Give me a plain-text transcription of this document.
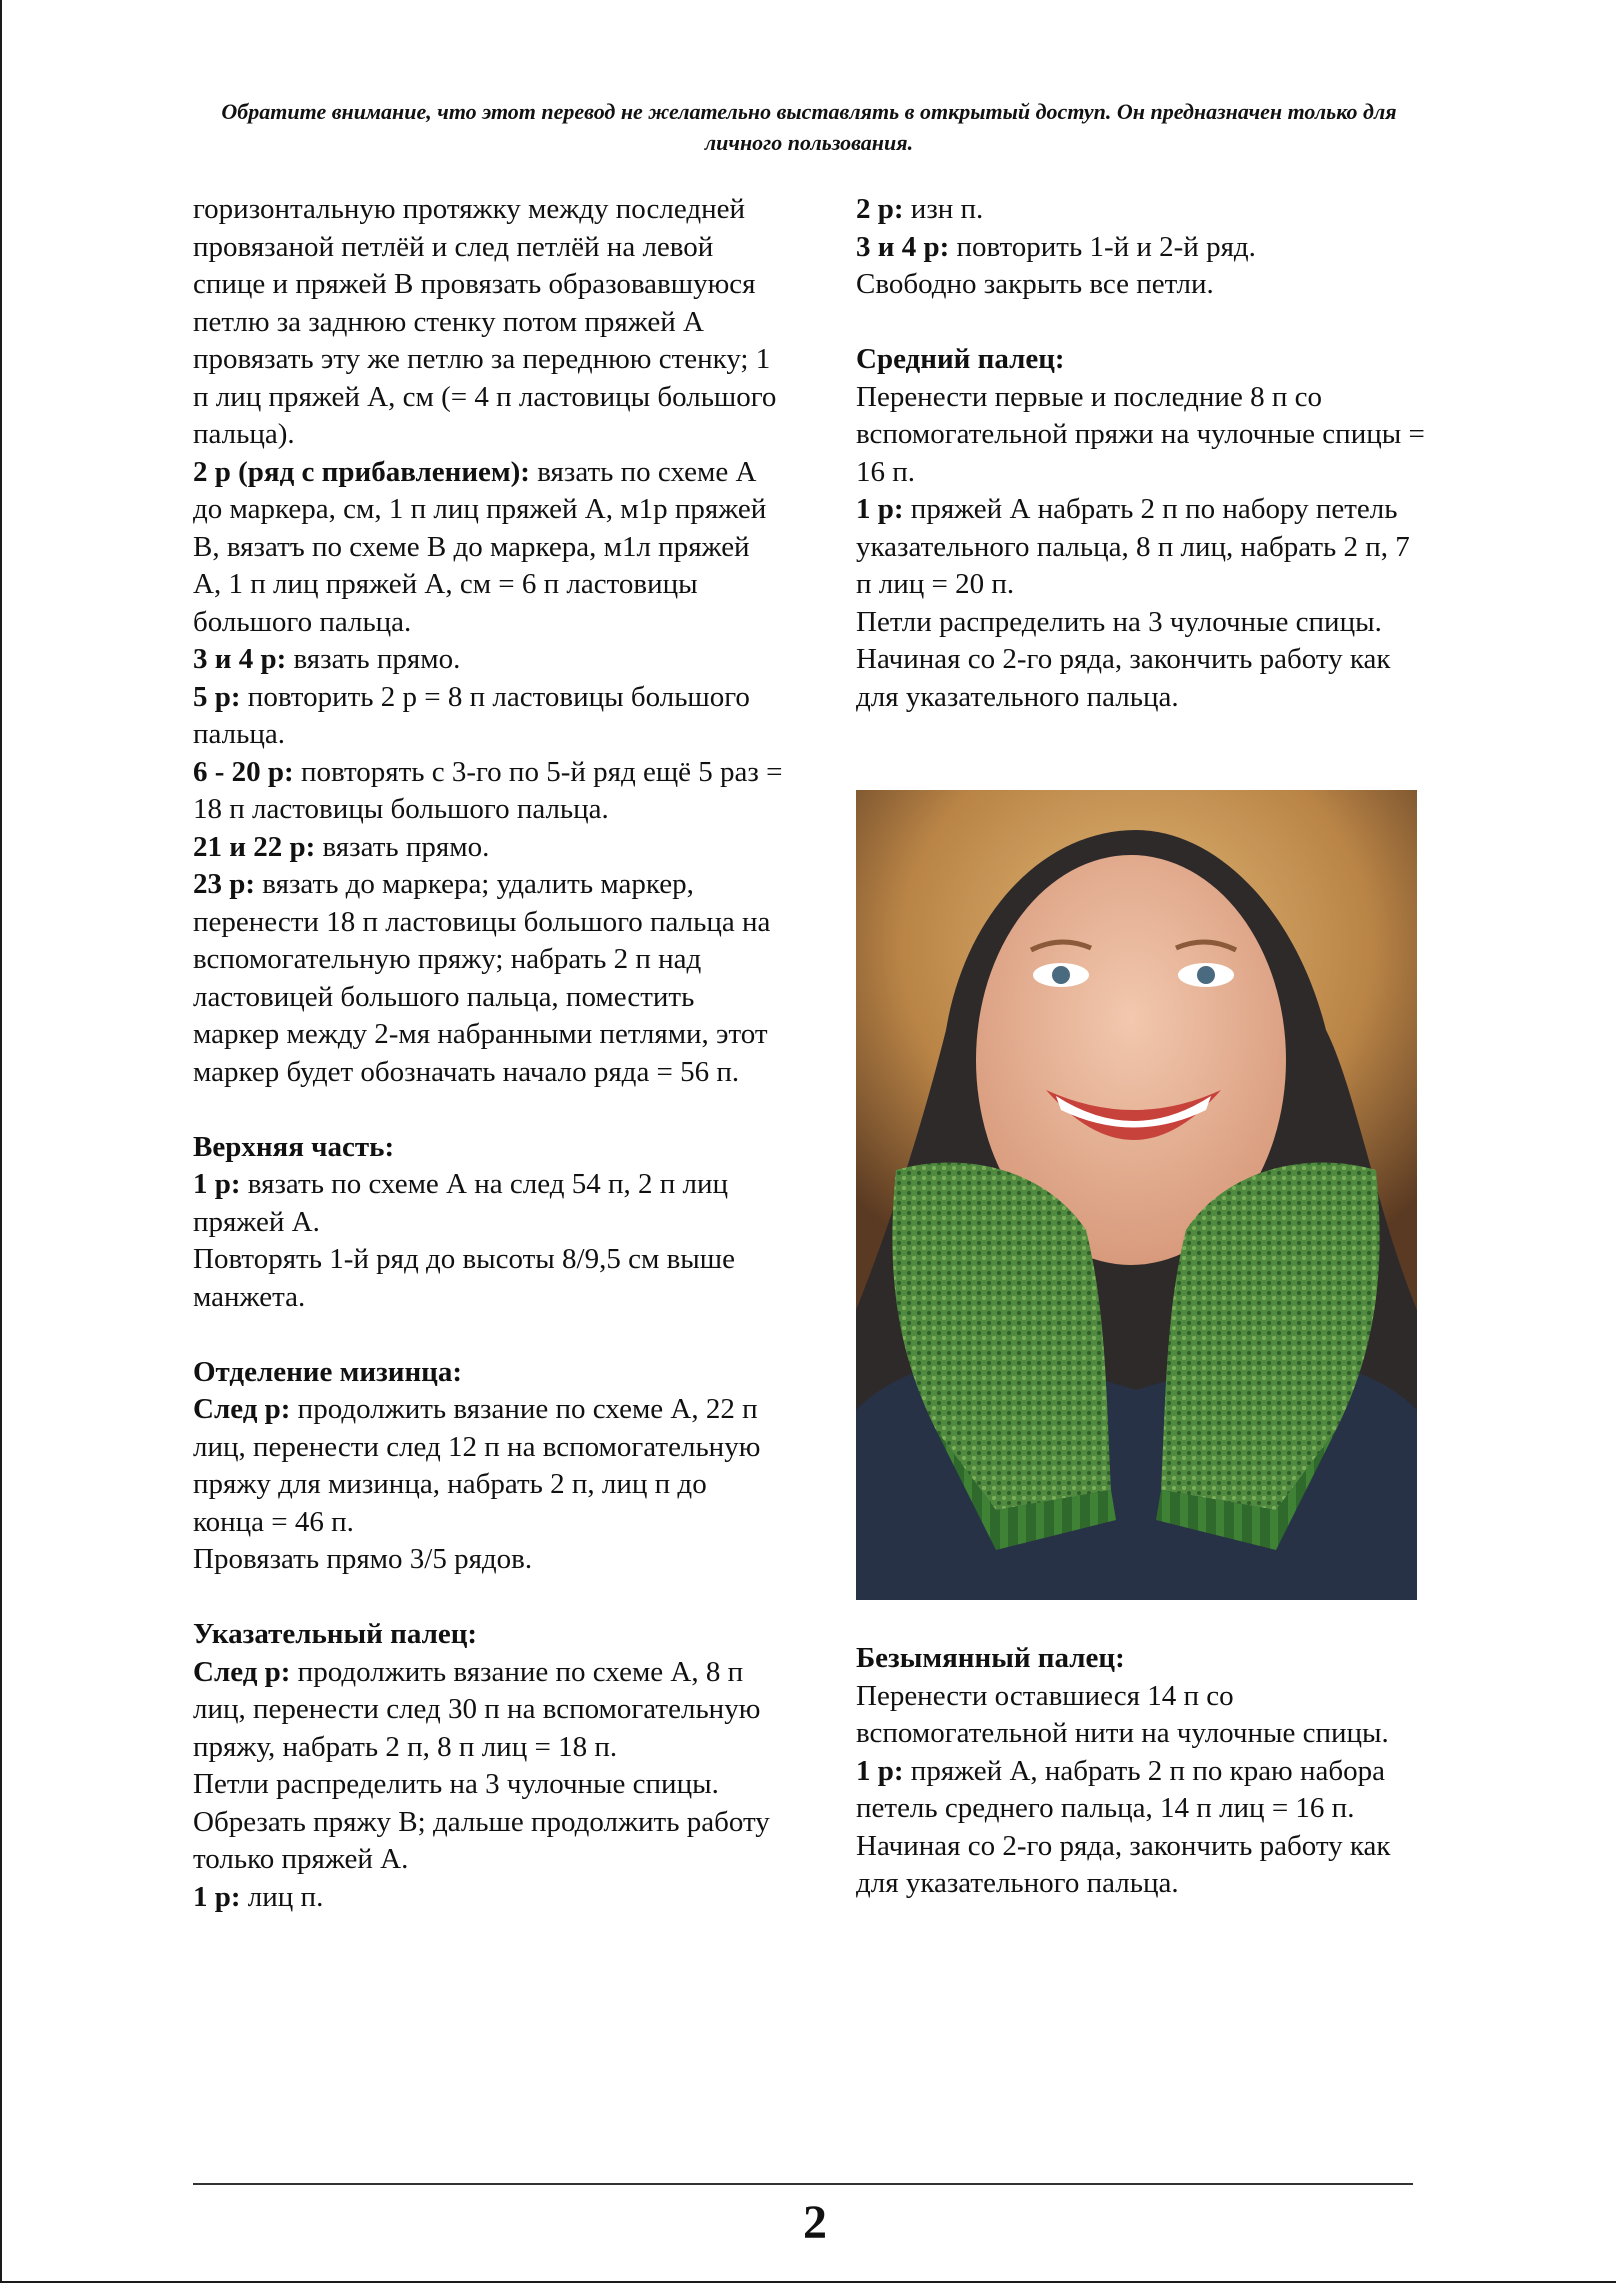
Обратите внимание, что этот перевод не желательно выставлять в открытый доступ. Он предназначен только для личного пользования.

горизонтальную протяжку между последней провязаной петлёй и след петлёй на левой спице и пряжей В провязать образовавшуюся петлю за заднюю стенку потом пряжей А провязать эту же петлю за переднюю стенку; 1 п лиц пряжей А, см (= 4 п ластовицы большого пальца).

2 р (ряд с прибавлением): вязать по схеме А до маркера, см, 1 п лиц пряжей А, м1р пряжей В, вязатъ по схеме В до маркера, м1л пряжей А, 1 п лиц пряжей А, см = 6 п ластовицы большого пальца.

3 и 4 р: вязать прямо.

5 р: повторить 2 р = 8 п ластовицы большого пальца.

6 - 20 р: повторять с 3-го по 5-й ряд ещё 5 раз = 18 п ластовицы большого пальца.

21 и 22 р: вязать прямо.

23 р: вязать до маркера; удалить маркер, перенести 18 п ластовицы большого пальца на вспомогательную пряжу; набрать 2 п над ластовицей большого пальца, поместить маркер между 2-мя набранными петлями, этот маркер будет обозначать начало ряда = 56 п.

Верхняя часть:

1 р: вязать по схеме А на след 54 п, 2 п лиц пряжей А.

Повторять 1-й ряд до высоты 8/9,5 см выше манжета.

Отделение мизинца:

След р: продолжить вязание по схеме А, 22 п лиц, перенести след 12 п на вспомогательную пряжу для мизинца, набрать 2 п, лиц п до конца = 46 п.

Провязать прямо 3/5 рядов.

Указательный палец:

След р: продолжить вязание по схеме А, 8 п лиц, перенести след 30 п на вспомогательную пряжу, набрать 2 п, 8 п лиц = 18 п.

Петли распределить на 3 чулочные спицы. Обрезать пряжу В; дальше продолжить работу только пряжей А.

1 р: лиц п.

2 р: изн п.

3 и 4 р: повторить 1-й и 2-й ряд.

Свободно закрыть все петли.

Средний палец:

Перенести первые и последние 8 п со вспомогательной пряжи на чулочные спицы = 16 п.

1 р: пряжей А набрать 2 п по набору петель указательного пальца, 8 п лиц, набрать 2 п, 7 п лиц = 20 п.

Петли распределить на 3 чулочные спицы.

Начиная со 2-го ряда, закончить работу как для указательного пальца.

Безымянный палец:

Перенести оставшиеся 14 п со вспомогательной нити на чулочные спицы.

1 р: пряжей А, набрать 2 п по краю набора петель среднего пальца, 14 п лиц = 16 п.

Начиная со 2-го ряда, закончить работу как для указательного пальца.

2
